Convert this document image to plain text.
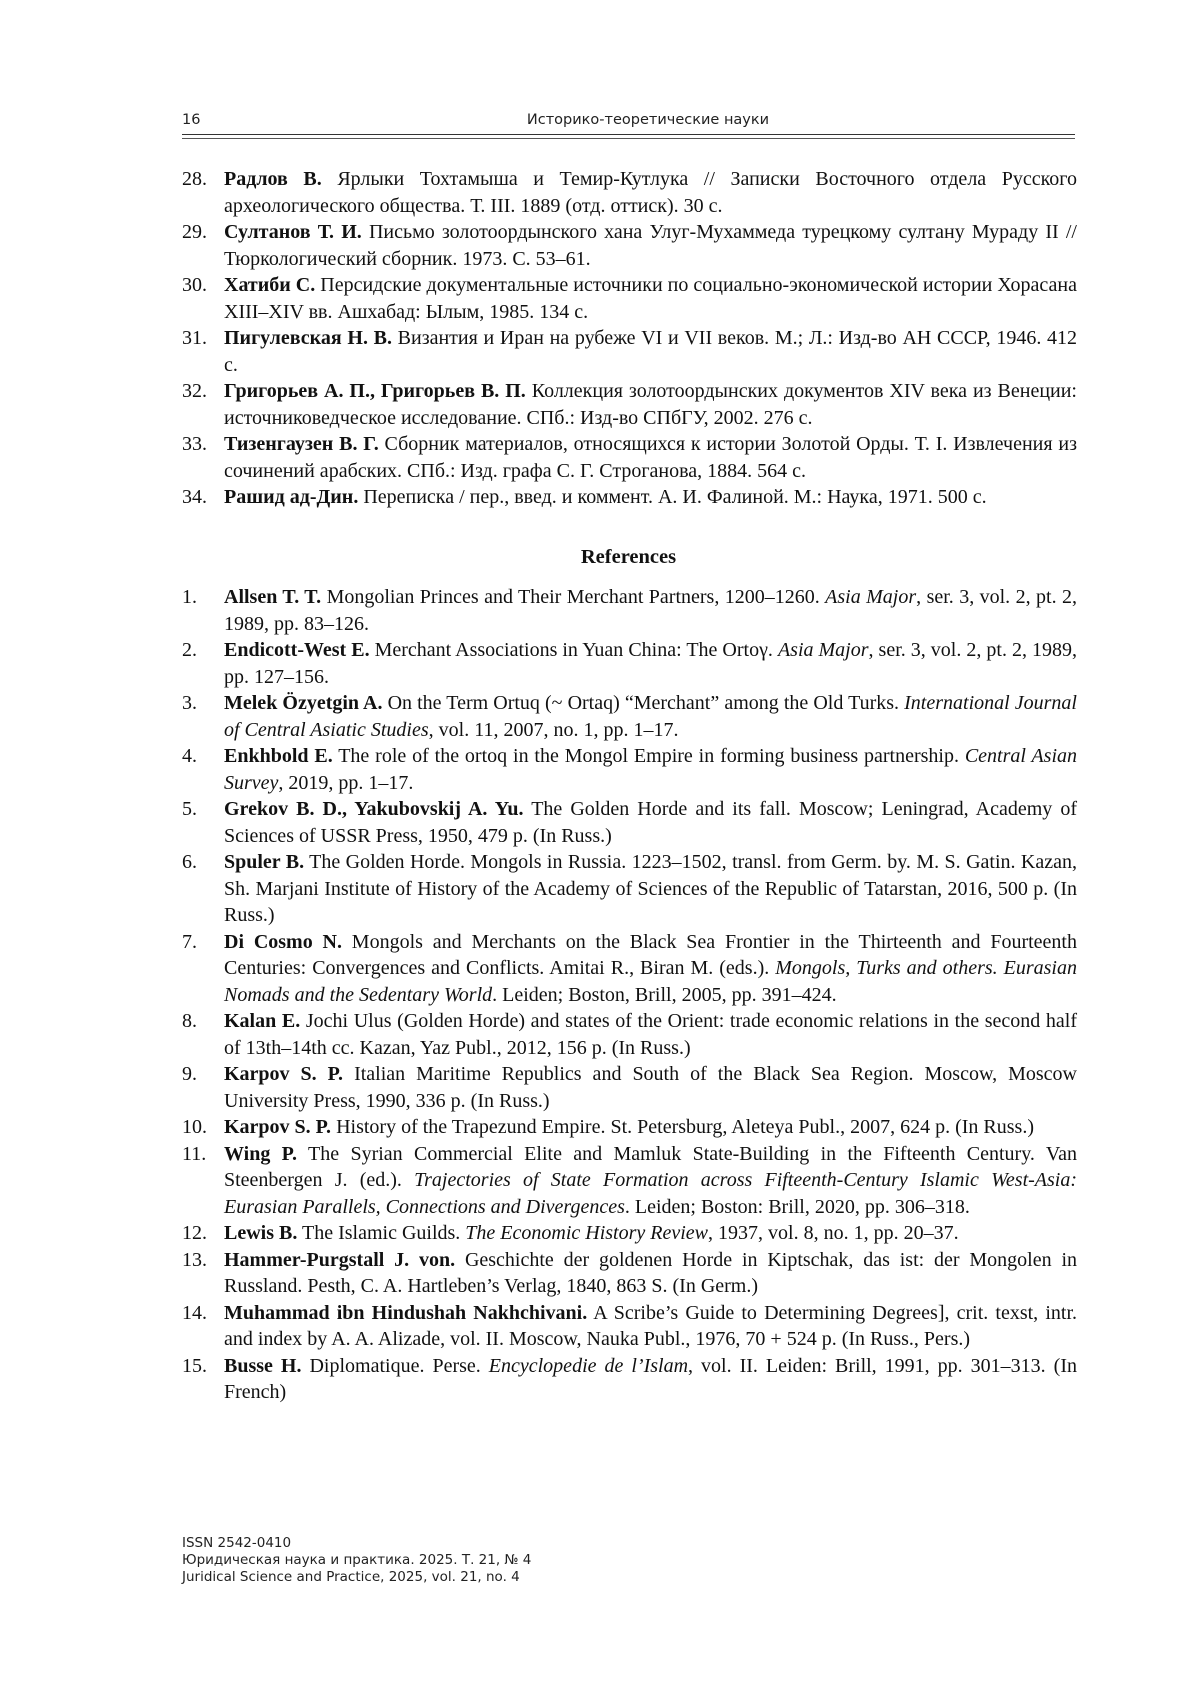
16	Историко-теоретические науки
28. Радлов В. Ярлыки Тохтамыша и Темир-Кутлука // Записки Восточного отдела Русского археологического общества. Т. III. 1889 (отд. оттиск). 30 с.
29. Султанов Т. И. Письмо золотоордынского хана Улуг-Мухаммеда турецкому султану Мураду II // Тюркологический сборник. 1973. С. 53–61.
30. Хатиби С. Персидские документальные источники по социально-экономической истории Хорасана XIII–XIV вв. Ашхабад: Ылым, 1985. 134 с.
31. Пигулевская Н. В. Византия и Иран на рубеже VI и VII веков. М.; Л.: Изд-во АН СССР, 1946. 412 с.
32. Григорьев А. П., Григорьев В. П. Коллекция золотоордынских документов XIV века из Венеции: источниковедческое исследование. СПб.: Изд-во СПбГУ, 2002. 276 с.
33. Тизенгаузен В. Г. Сборник материалов, относящихся к истории Золотой Орды. Т. I. Извлечения из сочинений арабских. СПб.: Изд. графа С. Г. Строганова, 1884. 564 с.
34. Рашид ад-Дин. Переписка / пер., введ. и коммент. А. И. Фалиной. М.: Наука, 1971. 500 с.
References
1. Allsen T. T. Mongolian Princes and Their Merchant Partners, 1200–1260. Asia Major, ser. 3, vol. 2, pt. 2, 1989, pp. 83–126.
2. Endicott-West E. Merchant Associations in Yuan China: The Ortoγ. Asia Major, ser. 3, vol. 2, pt. 2, 1989, pp. 127–156.
3. Melek Özyetgin A. On the Term Ortuq (~ Ortaq) “Merchant” among the Old Turks. International Journal of Central Asiatic Studies, vol. 11, 2007, no. 1, pp. 1–17.
4. Enkhbold E. The role of the ortoq in the Mongol Empire in forming business partnership. Central Asian Survey, 2019, pp. 1–17.
5. Grekov B. D., Yakubovskij A. Yu. The Golden Horde and its fall. Moscow; Leningrad, Academy of Sciences of USSR Press, 1950, 479 p. (In Russ.)
6. Spuler B. The Golden Horde. Mongols in Russia. 1223–1502, transl. from Germ. by. M. S. Gatin. Kazan, Sh. Marjani Institute of History of the Academy of Sciences of the Republic of Tatarstan, 2016, 500 p. (In Russ.)
7. Di Cosmo N. Mongols and Merchants on the Black Sea Frontier in the Thirteenth and Fourteenth Centuries: Convergences and Conflicts. Amitai R., Biran M. (eds.). Mongols, Turks and others. Eurasian Nomads and the Sedentary World. Leiden; Boston, Brill, 2005, pp. 391–424.
8. Kalan E. Jochi Ulus (Golden Horde) and states of the Orient: trade economic relations in the second half of 13th–14th cc. Kazan, Yaz Publ., 2012, 156 p. (In Russ.)
9. Karpov S. P. Italian Maritime Republics and South of the Black Sea Region. Moscow, Moscow University Press, 1990, 336 p. (In Russ.)
10. Karpov S. P. History of the Trapezund Empire. St. Petersburg, Aleteya Publ., 2007, 624 p. (In Russ.)
11. Wing P. The Syrian Commercial Elite and Mamluk State-Building in the Fifteenth Century. Van Steenbergen J. (ed.). Trajectories of State Formation across Fifteenth-Century Islamic West-Asia: Eurasian Parallels, Connections and Divergences. Leiden; Boston: Brill, 2020, pp. 306–318.
12. Lewis B. The Islamic Guilds. The Economic History Review, 1937, vol. 8, no. 1, pp. 20–37.
13. Hammer-Purgstall J. von. Geschichte der goldenen Horde in Kiptschak, das ist: der Mongolen in Russland. Pesth, C. A. Hartleben’s Verlag, 1840, 863 S. (In Germ.)
14. Muhammad ibn Hindushah Nakhchivani. A Scribe’s Guide to Determining Degrees], crit. texst, intr. and index by A. A. Alizade, vol. II. Moscow, Nauka Publ., 1976, 70 + 524 p. (In Russ., Pers.)
15. Busse H. Diplomatique. Perse. Encyclopedie de l’Islam, vol. II. Leiden: Brill, 1991, pp. 301–313. (In French)
ISSN 2542-0410
Юридическая наука и практика. 2025. Т. 21, № 4
Juridical Science and Practice, 2025, vol. 21, no. 4
